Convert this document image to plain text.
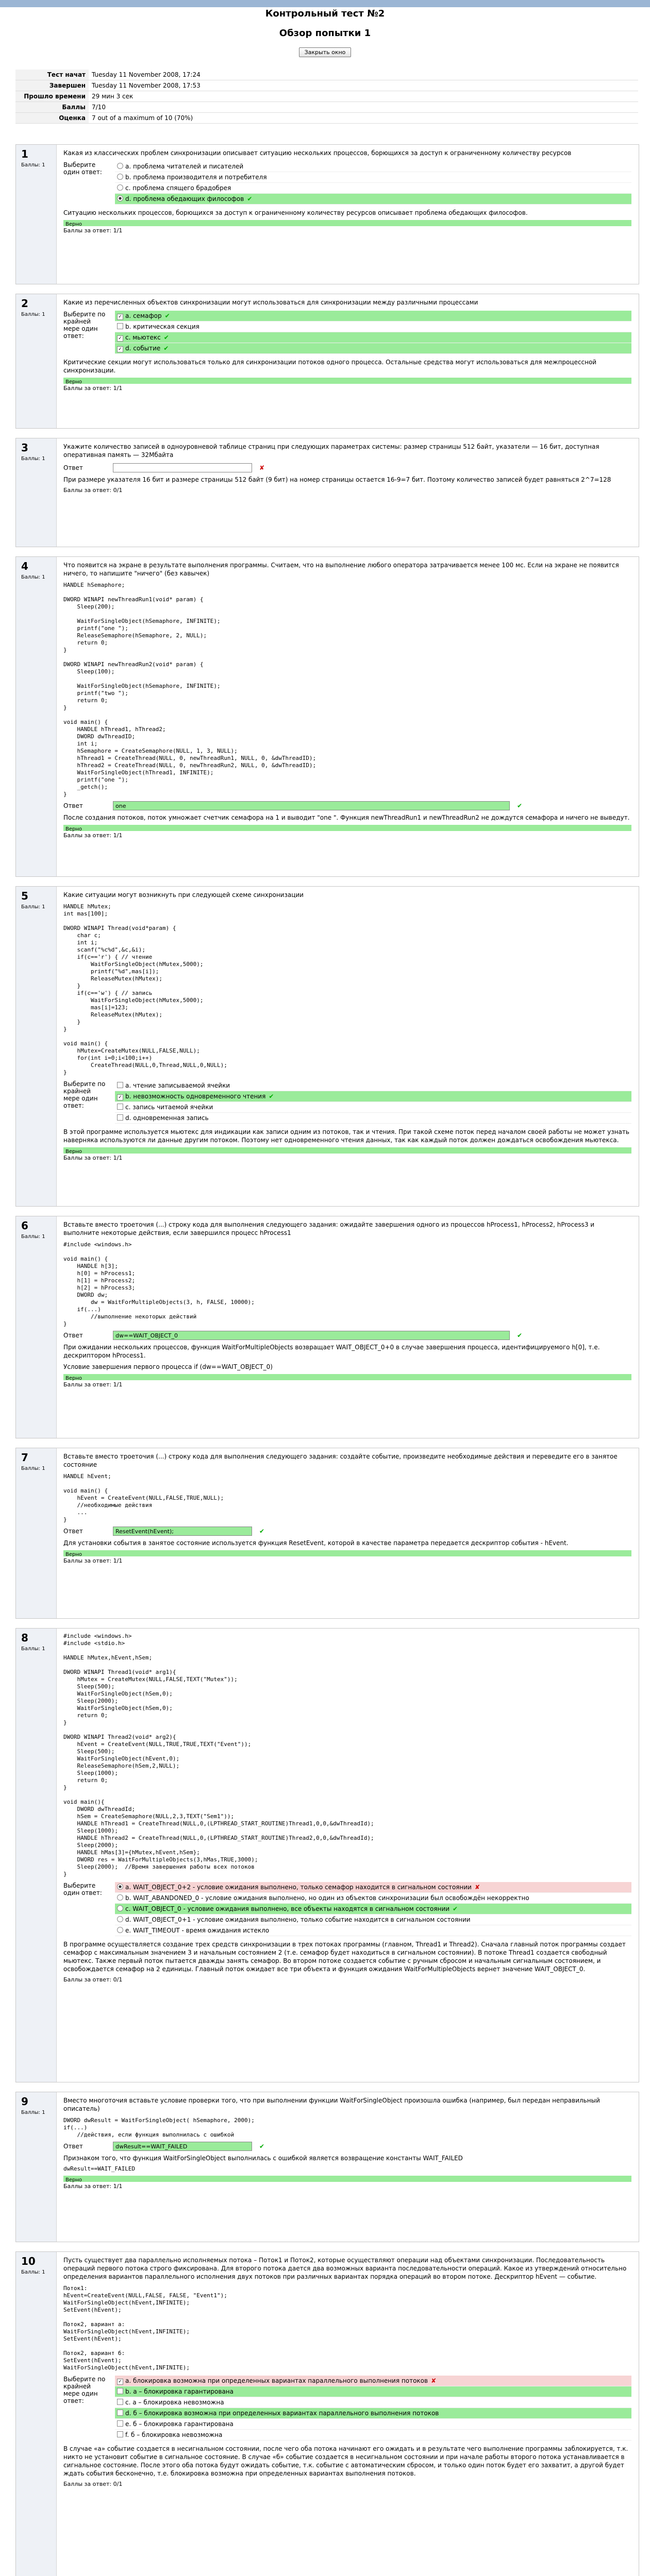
Контрольный тест №2
Обзор попытки 1
Закрыть окно
Тест начат	Tuesday 11 November 2008, 17:24
Завершен	Tuesday 11 November 2008, 17:53
Прошло времени	29 мин 3 сек
Баллы	7/10
Оценка	7 out of a maximum of 10 (70%)
1
Баллы: 1
Какая из классических проблем синхронизации описывает ситуацию нескольких процессов, борющихся за доступ к ограниченному количеству ресурсов
Выберите один ответ:
a.
проблема читателей и писателей
b.
проблема производителя и потребителя
c.
проблема спящего брадобрея
d.
проблема обедающих философов ✔
Ситуацию нескольких процессов, борющихся за доступ к ограниченному количеству ресурсов описывает проблема обедающих философов.
Верно
Баллы за ответ: 1/1
2
Баллы: 1
Какие из перечисленных объектов синхронизации могут использоваться для синхронизации между различными процессами
Выберите по крайней мере один ответ:
✓ a.
семафор ✔
b.
критическая секция
✓ c.
мьютекс ✔
✓ d.
событие ✔
Критические секции могут использоваться только для синхронизации потоков одного процесса. Остальные средства могут использоваться для межпроцессной синхронизации.
Верно
Баллы за ответ: 1/1
3
Баллы: 1
Укажите количество записей в одноуровневой таблице страниц при следующих параметрах системы: размер страницы 512 байт, указатели — 16 бит, доступная оперативная память — 32Мбайта
Ответ	✘
При размере указателя 16 бит и размере страницы 512 байт (9 бит) на номер страницы остается 16-9=7 бит. Поэтому количество записей будет равняться 2^7=128
Баллы за ответ: 0/1
4
Баллы: 1
Что появится на экране в результате выполнения программы. Считаем, что на выполнение любого оператора затрачивается менее 100 мс. Если на экране не появится ничего, то напишите "ничего" (без кавычек)
HANDLE hSemaphore;

DWORD WINAPI newThreadRun1(void* param) {
Sleep(200);

WaitForSingleObject(hSemaphore, INFINITE);
printf("one ");
ReleaseSemaphore(hSemaphore, 2, NULL);
return 0;
}

DWORD WINAPI newThreadRun2(void* param) {
Sleep(100);

WaitForSingleObject(hSemaphore, INFINITE);
printf("two ");
return 0;
}

void main() {
HANDLE hThread1, hThread2;
DWORD dwThreadID;
int i;
hSemaphore = CreateSemaphore(NULL, 1, 3, NULL);
hThread1 = CreateThread(NULL, 0, newThreadRun1, NULL, 0, &dwThreadID);
hThread2 = CreateThread(NULL, 0, newThreadRun2, NULL, 0, &dwThreadID);
WaitForSingleObject(hThread1, INFINITE);
printf("one ");
_getch();
}
Ответ	one	✔
После создания потоков, поток умножает счетчик семафора на 1 и выводит "one ". Функция newThreadRun1 и newThreadRun2 не дождутся семафора и ничего не выведут.
Верно
Баллы за ответ: 1/1
5
Баллы: 1
Какие ситуации могут возникнуть при следующей схеме синхронизации
HANDLE hMutex;
int mas[100];

DWORD WINAPI Thread(void*param) {
char c;
int i;
scanf("%c%d",&c,&i);
if(c=='r') { // чтение
WaitForSingleObject(hMutex,5000);
printf("%d",mas[i]);
ReleaseMutex(hMutex);
}
if(c=='w') { // запись
WaitForSingleObject(hMutex,5000);
mas[i]=123;
ReleaseMutex(hMutex);
}
}

void main() {
hMutex=CreateMutex(NULL,FALSE,NULL);
for(int i=0;i<100;i++)
CreateThread(NULL,0,Thread,NULL,0,NULL);
}
Выберите по крайней мере один ответ:
a.
чтение записываемой ячейки
✓ b.
невозможность одновременного чтения ✔
c.
запись читаемой ячейки
d.
одновременная запись
В этой программе используется мьютекс для индикации как записи одним из потоков, так и чтения. При такой схеме поток перед началом своей работы не может узнать наверняка используются ли данные другим потоком. Поэтому нет одновременного чтения данных, так как каждый поток должен дождаться освобождения мьютекса.
Верно
Баллы за ответ: 1/1
6
Баллы: 1
Вставьте вместо троеточия (...) строку кода для выполнения следующего задания: ожидайте завершения одного из процессов hProcess1, hProcess2, hProcess3 и выполните некоторые действия, если завершился процесс hProcess1
#include <windows.h>

void main() {
HANDLE h[3];
h[0] = hProcess1;
h[1] = hProcess2;
h[2] = hProcess3;
DWORD dw;
dw = WaitForMultipleObjects(3, h, FALSE, 10000);
if(...)
//выполнение некоторых действий
}
Ответ	dw==WAIT_OBJECT_0	✔
При ожидании нескольких процессов, функция WaitForMultipleObjects возвращает WAIT_OBJECT_0+0 в случае завершения процесса, идентифицируемого h[0], т.е. дескриптором hProcess1.
Условие завершения первого процесса if (dw==WAIT_OBJECT_0)
Верно
Баллы за ответ: 1/1
7
Баллы: 1
Вставьте вместо троеточия (...) строку кода для выполнения следующего задания: создайте событие, произведите необходимые действия и переведите его в занятое состояние
HANDLE hEvent;

void main() {
hEvent = CreateEvent(NULL,FALSE,TRUE,NULL);
//необходимые действия
...
}
Ответ	ResetEvent(hEvent);	✔
Для установки события в занятое состояние используется функция ResetEvent, которой в качестве параметра передается дескриптор события - hEvent.
Верно
Баллы за ответ: 1/1
8
Баллы: 1
#include <windows.h>
#include <stdio.h>

HANDLE hMutex,hEvent,hSem;

DWORD WINAPI Thread1(void* arg1){
hMutex = CreateMutex(NULL,FALSE,TEXT("Mutex"));
Sleep(500);
WaitForSingleObject(hSem,0);
Sleep(2000);
WaitForSingleObject(hSem,0);
return 0;
}

DWORD WINAPI Thread2(void* arg2){
hEvent = CreateEvent(NULL,TRUE,TRUE,TEXT("Event"));
Sleep(500);
WaitForSingleObject(hEvent,0);
ReleaseSemaphore(hSem,2,NULL);
Sleep(1000);
return 0;
}

void main(){
DWORD dwThreadId;
hSem = CreateSemaphore(NULL,2,3,TEXT("Sem1"));
HANDLE hThread1 = CreateThread(NULL,0,(LPTHREAD_START_ROUTINE)Thread1,0,0,&dwThreadId);
Sleep(1000);
HANDLE hThread2 = CreateThread(NULL,0,(LPTHREAD_START_ROUTINE)Thread2,0,0,&dwThreadId);
Sleep(2000);
HANDLE hMas[3]={hMutex,hEvent,hSem};
DWORD res = WaitForMultipleObjects(3,hMas,TRUE,3000);
Sleep(2000);  //Время завершения работы всех потоков
}
Выберите один ответ:
a.
WAIT_OBJECT_0+2 - условие ожидания выполнено, только семафор находится в сигнальном состоянии ✘
b.
WAIT_ABANDONED_0 - условие ожидания выполнено, но один из объектов синхронизации был освобождён некорректно
c.
WAIT_OBJECT_0 - условие ожидания выполнено, все объекты находятся в сигнальном состоянии ✔
d.
WAIT_OBJECT_0+1 - условие ожидания выполнено, только событие находится в сигнальном состоянии
e.
WAIT_TIMEOUT - время ожидания истекло
В программе осуществляется создание трех средств синхронизации в трех потоках программы (главном, Thread1 и Thread2). Сначала главный поток программы создает семафор с максимальным значением 3 и начальным состоянием 2 (т.е. семафор будет находиться в сигнальном состоянии). В потоке Thread1 создается свободный мьютекс. Также первый поток пытается дважды занять семафор. Во втором потоке создается событие с ручным сбросом и начальным сигнальным состоянием, и освобождается семафор на 2 единицы. Главный поток ожидает все три объекта и функция ожидания WaitForMultipleObjects вернет значение WAIT_OBJECT_0.
Баллы за ответ: 0/1
9
Баллы: 1
Вместо многоточия вставьте условие проверки того, что при выполнении функции WaitForSingleObject произошла ошибка (например, был передан неправильный описатель)
DWORD dwResult = WaitForSingleObject( hSemaphore, 2000);
if(...)
//действия, если функция выполнилась с ошибкой
Ответ	dwResult==WAIT_FAILED	✔
Признаком того, что функция WaitForSingleObject выполнилась с ошибкой является возвращение константы WAIT_FAILED
dwResult==WAIT_FAILED
Верно
Баллы за ответ: 1/1
10
Баллы: 1
Пусть существует два параллельно исполняемых потока – Поток1 и Поток2, которые осуществляют операции над объектами синхронизации. Последовательность операций первого потока строго фиксирована. Для второго потока дается два возможных варианта последовательности операций. Какое из утверждений относительно определения вариантов параллельного исполнения двух потоков при различных вариантах порядка операций во втором потоке. Дескриптор hEvent — событие.
Поток1:
hEvent=CreateEvent(NULL,FALSE, FALSE, "Event1");
WaitForSingleObject(hEvent,INFINITE);
SetEvent(hEvent);

Поток2, вариант а:
WaitForSingleObject(hEvent,INFINITE);
SetEvent(hEvent);

Поток2, вариант б:
SetEvent(hEvent);
WaitForSingleObject(hEvent,INFINITE);
Выберите по крайней мере один ответ:
✓ a.
блокировка возможна при определенных вариантах параллельного выполнения потоков ✘
b.
а – блокировка гарантирована
c.
а – блокировка невозможна
d.
б – блокировка возможна при определенных вариантах параллельного выполнения потоков
e.
б – блокировка гарантирована
f.
б – блокировка невозможна
В случае «а» событие создается в несигнальном состоянии, после чего оба потока начинают его ожидать и в результате чего выполнение программы заблокируется, т.к. никто не установит событие в сигнальное состояние. В случае «б» событие создается в несигнальном состоянии и при начале работы второго потока устанавливается в сигнальное состояние. После этого оба потока будут ожидать событие, т.к. событие с автоматическим сбросом, и только один поток будет его захватит, а другой будет ждать события бесконечно, т.е. блокировка возможна при определенных вариантах выполнения потоков.
Баллы за ответ: 0/1
